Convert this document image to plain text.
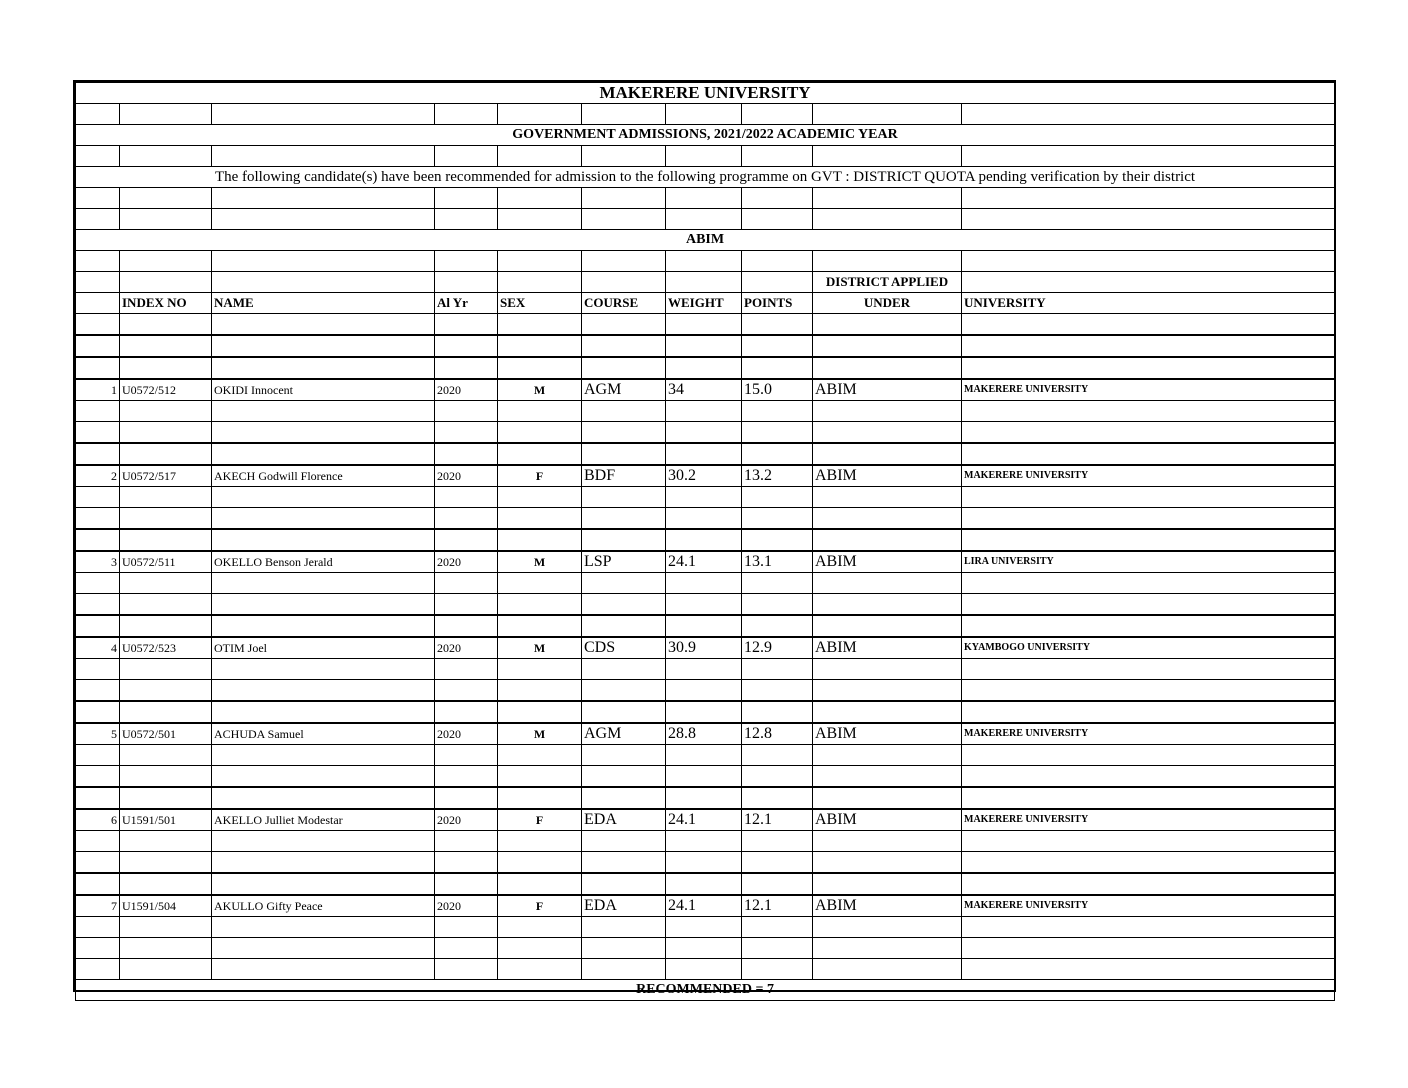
MAKERERE UNIVERSITY									

GOVERNMENT ADMISSIONS, 2021/2022 ACADEMIC YEAR									

The following candidate(s) have been recommended for admission to the following programme on GVT : DISTRICT QUOTA pending verification by their district									

ABIM									

								DISTRICT APPLIED	
	INDEX NO	NAME	Al Yr	SEX	COURSE	WEIGHT	POINTS	UNDER	UNIVERSITY

1	U0572/512	OKIDI Innocent	2020	M	AGM	34	15.0	ABIM	MAKERERE UNIVERSITY

2	U0572/517	AKECH Godwill Florence	2020	F	BDF	30.2	13.2	ABIM	MAKERERE UNIVERSITY

3	U0572/511	OKELLO Benson Jerald	2020	M	LSP	24.1	13.1	ABIM	LIRA UNIVERSITY

4	U0572/523	OTIM Joel	2020	M	CDS	30.9	12.9	ABIM	KYAMBOGO UNIVERSITY

5	U0572/501	ACHUDA Samuel	2020	M	AGM	28.8	12.8	ABIM	MAKERERE UNIVERSITY

6	U1591/501	AKELLO Julliet Modestar	2020	F	EDA	24.1	12.1	ABIM	MAKERERE UNIVERSITY

7	U1591/504	AKULLO Gifty Peace	2020	F	EDA	24.1	12.1	ABIM	MAKERERE UNIVERSITY

RECOMMENDED = 7									
